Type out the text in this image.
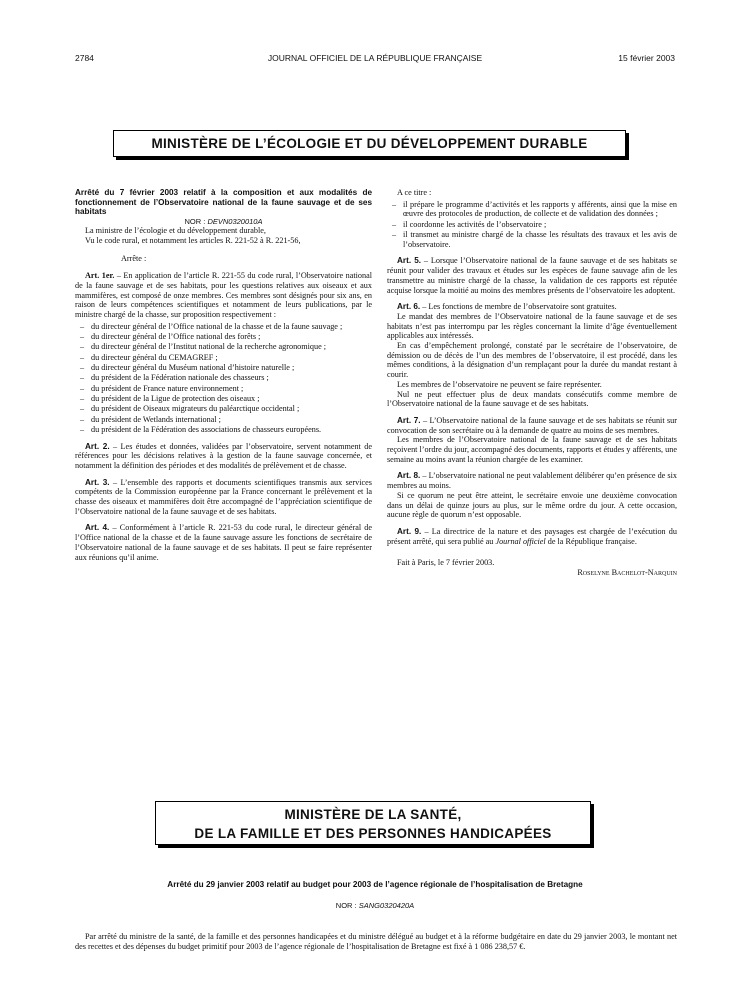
2784	JOURNAL OFFICIEL DE LA RÉPUBLIQUE FRANÇAISE	15 février 2003
MINISTÈRE DE L’ÉCOLOGIE ET DU DÉVELOPPEMENT DURABLE

Arrêté du 7 février 2003 relatif à la composition et aux modalités de fonctionnement de l’Observatoire national de la faune sauvage et de ses habitats

NOR : DEVN0320010A

La ministre de l’écologie et du développement durable,

Vu le code rural, et notamment les articles R. 221-52 à R. 221-56,

Arrête :

Art. 1er. – En application de l’article R. 221-55 du code rural, l’Observatoire national de la faune sauvage et de ses habitats, pour les questions relatives aux oiseaux et aux mammifères, est composé de onze membres. Ces membres sont désignés pour six ans, en raison de leurs compétences scientifiques et notamment de leurs publications, par le ministre chargé de la chasse, sur proposition respectivement :

– du directeur général de l’Office national de la chasse et de la faune sauvage ;
– du directeur général de l’Office national des forêts ;
– du directeur général de l’Institut national de la recherche agronomique ;
– du directeur général du CEMAGREF ;
– du directeur général du Muséum national d’histoire naturelle ;
– du président de la Fédération nationale des chasseurs ;
– du président de France nature environnement ;
– du président de la Ligue de protection des oiseaux ;
– du président de Oiseaux migrateurs du paléarctique occidental ;
– du président de Wetlands international ;
– du président de la Fédération des associations de chasseurs européens.

Art. 2. – Les études et données, validées par l’observatoire, servent notamment de références pour les décisions relatives à la gestion de la faune sauvage concernée, et notamment la définition des périodes et des modalités de prélèvement et de chasse.

Art. 3. – L’ensemble des rapports et documents scientifiques transmis aux services compétents de la Commission européenne par la France concernant le prélèvement et la chasse des oiseaux et mammifères doit être accompagné de l’appréciation scientifique de l’Observatoire national de la faune sauvage et de ses habitats.

Art. 4. – Conformément à l’article R. 221-53 du code rural, le directeur général de l’Office national de la chasse et de la faune sauvage assure les fonctions de secrétaire de l’Observatoire national de la faune sauvage et de ses habitats. Il peut se faire représenter aux réunions qu’il anime.

A ce titre :

– il prépare le programme d’activités et les rapports y afférents, ainsi que la mise en œuvre des protocoles de production, de collecte et de validation des données ;
– il coordonne les activités de l’observatoire ;
– il transmet au ministre chargé de la chasse les résultats des travaux et les avis de l’observatoire.

Art. 5. – Lorsque l’Observatoire national de la faune sauvage et de ses habitats se réunit pour valider des travaux et études sur les espèces de faune sauvage afin de les transmettre au ministre chargé de la chasse, la validation de ces rapports est réputée acquise lorsque la moitié au moins des membres présents de l’observatoire les adoptent.

Art. 6. – Les fonctions de membre de l’observatoire sont gratuites.

Le mandat des membres de l’Observatoire national de la faune sauvage et de ses habitats n’est pas interrompu par les règles concernant la limite d’âge éventuellement applicables aux intéressés.

En cas d’empêchement prolongé, constaté par le secrétaire de l’observatoire, de démission ou de décès de l’un des membres de l’observatoire, il est procédé, dans les mêmes conditions, à la désignation d’un remplaçant pour la durée du mandat restant à courir.

Les membres de l’observatoire ne peuvent se faire représenter.

Nul ne peut effectuer plus de deux mandats consécutifs comme membre de l’Observatoire national de la faune sauvage et de ses habitats.

Art. 7. – L’Observatoire national de la faune sauvage et de ses habitats se réunit sur convocation de son secrétaire ou à la demande de quatre au moins de ses membres.

Les membres de l’Observatoire national de la faune sauvage et de ses habitats reçoivent l’ordre du jour, accompagné des documents, rapports et études y afférents, une semaine au moins avant la réunion chargée de les examiner.

Art. 8. – L’observatoire national ne peut valablement délibérer qu’en présence de six membres au moins.

Si ce quorum ne peut être atteint, le secrétaire envoie une deuxième convocation dans un délai de quinze jours au plus, sur le même ordre du jour. A cette occasion, aucune règle de quorum n’est opposable.

Art. 9. – La directrice de la nature et des paysages est chargée de l’exécution du présent arrêté, qui sera publié au Journal officiel de la République française.

Fait à Paris, le 7 février 2003.

Roselyne Bachelot-Narquin

MINISTÈRE DE LA SANTÉ,
DE LA FAMILLE ET DES PERSONNES HANDICAPÉES
Arrêté du 29 janvier 2003 relatif au budget pour 2003 de l’agence régionale de l’hospitalisation de Bretagne
NOR : SANG0320420A
Par arrêté du ministre de la santé, de la famille et des personnes handicapées et du ministre délégué au budget et à la réforme budgétaire en date du 29 janvier 2003, le montant net des recettes et des dépenses du budget primitif pour 2003 de l’agence régionale de l’hospitalisation de Bretagne est fixé à 1 086 238,57 €.
